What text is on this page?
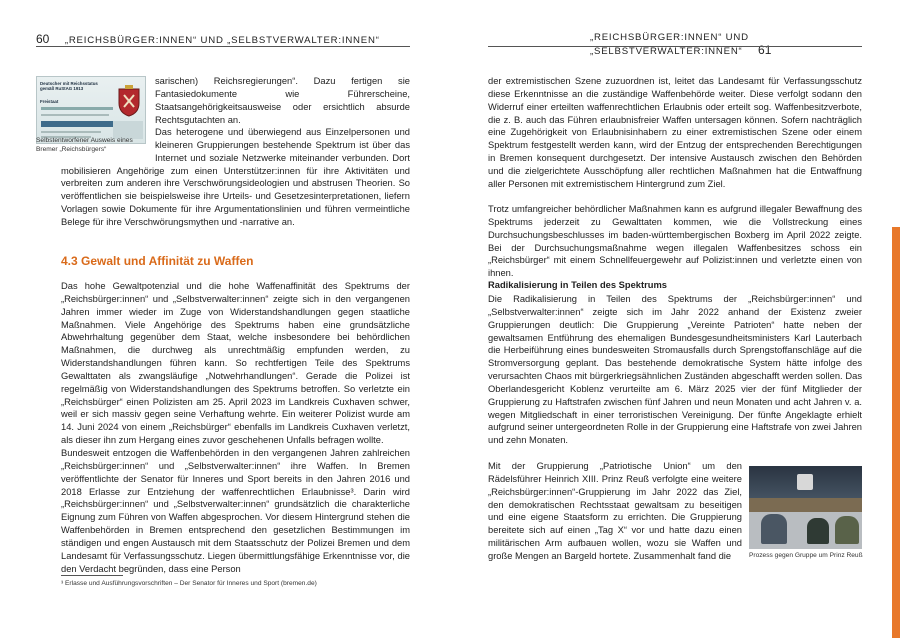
60 „REICHSBÜRGER:INNEN“ UND „SELBSTVERWALTER:INNEN“
Deutscher mit Reichsstatus
gemäß RuStAG 1913
Freistaat
Selbstentworfener Ausweis eines Bremer „Reichsbürgers“

sarischen) Reichsregierungen“. Dazu fertigen sie Fantasiedokumente wie Führerscheine, Staatsangehörigkeitsausweise oder ersichtlich absurde Rechtsgutachten an.

Das heterogene und überwiegend aus Einzelpersonen und kleineren Gruppierungen bestehende Spektrum ist über das Internet und soziale Netzwerke miteinander verbunden. Dort mobilisieren Angehörige zum einen Unterstützer:innen für ihre Aktivitäten und verbreiten zum anderen ihre Verschwörungsideologien und abstrusen Theorien. So veröffentlichen sie beispielsweise ihre Urteils- und Gesetzesinterpretationen, liefern Vorlagen sowie Dokumente für ihre Argumentationslinien und führen vermeintliche Belege für ihre Verschwörungsmythen und -narrative an.
4.3 Gewalt und Affinität zu Waffen

Das hohe Gewaltpotenzial und die hohe Waffenaffinität des Spektrums der „Reichsbürger:innen“ und „Selbstverwalter:innen“ zeigte sich in den vergangenen Jahren immer wieder im Zuge von Widerstandshandlungen gegen staatliche Maßnahmen. Viele Angehörige des Spektrums haben eine grundsätzliche Abwehrhaltung gegenüber dem Staat, welche insbesondere bei behördlichen Maßnahmen, die durchweg als unrechtmäßig empfunden werden, zu Widerstandshandlungen führen kann. So rechtfertigen Teile des Spektrums Gewalttaten als zwangsläufige „Notwehrhandlungen“. Gerade die Polizei ist regelmäßig von Widerstandshandlungen des Spektrums betroffen. So verletzte ein „Reichsbürger“ einen Polizisten am 25. April 2023 im Landkreis Cuxhaven schwer, weil er sich massiv gegen seine Verhaftung wehrte. Ein weiterer Polizist wurde am 14. Juni 2024 von einem „Reichsbürger“ ebenfalls im Landkreis Cuxhaven verletzt, als dieser ihn zum Hergang eines zuvor geschehenen Unfalls befragen wollte.

Bundesweit entzogen die Waffenbehörden in den vergangenen Jahren zahlreichen „Reichsbürger:innen“ und „Selbstverwalter:innen“ ihre Waffen. In Bremen veröffentlichte der Senator für Inneres und Sport bereits in den Jahren 2016 und 2018 Erlasse zur Entziehung der waffenrechtlichen Erlaubnisse³. Darin wird „Reichsbürger:innen“ und „Selbstverwalter:innen“ grundsätzlich die charakterliche Eignung zum Führen von Waffen abgesprochen. Vor diesem Hintergrund stehen die Waffenbehörden in Bremen entsprechend den gesetzlichen Bestimmungen im ständigen und engen Austausch mit dem Staatsschutz der Polizei Bremen und dem Landesamt für Verfassungsschutz. Liegen übermittlungsfähige Erkenntnisse vor, die den Verdacht begründen, dass eine Person

³ Erlasse und Ausführungsvorschriften – Der Senator für Inneres und Sport (bremen.de)
„REICHSBÜRGER:INNEN“ UND „SELBSTVERWALTER:INNEN“ 61

der extremistischen Szene zuzuordnen ist, leitet das Landesamt für Verfassungsschutz diese Erkenntnisse an die zuständige Waffenbehörde weiter. Diese verfolgt sodann den Widerruf einer erteilten waffenrechtlichen Erlaubnis oder erteilt sog. Waffenbesitzverbote, die z. B. auch das Führen erlaubnisfreier Waffen untersagen können. Sofern nachträglich eine Zugehörigkeit von Erlaubnisinhabern zu einer extremistischen Szene oder einem Spektrum festgestellt werden kann, wird der Entzug der entsprechenden Berechtigungen in Bremen konsequent durchgesetzt. Der intensive Austausch zwischen den Behörden und die zielgerichtete Ausschöpfung aller rechtlichen Maßnahmen hat die Entwaffnung aller Personen mit extremistischem Hintergrund zum Ziel.

Trotz umfangreicher behördlicher Maßnahmen kann es aufgrund illegaler Bewaffnung des Spektrums jederzeit zu Gewalttaten kommen, wie die Vollstreckung eines Durchsuchungsbeschlusses im baden-württembergischen Boxberg im April 2022 zeigte. Bei der Durchsuchungsmaßnahme wegen illegalen Waffenbesitzes schoss ein „Reichsbürger“ mit einem Schnellfeuergewehr auf Polizist:innen und verletzte einen von ihnen.

Radikalisierung in Teilen des Spektrums

Die Radikalisierung in Teilen des Spektrums der „Reichsbürger:innen“ und „Selbstverwalter:innen“ zeigte sich im Jahr 2022 anhand der Existenz zweier Gruppierungen deutlich: Die Gruppierung „Vereinte Patrioten“ hatte neben der gewaltsamen Entführung des ehemaligen Bundesgesundheitsministers Karl Lauterbach die Herbeiführung eines bundesweiten Stromausfalls durch Sprengstoffanschläge auf die Stromversorgung geplant. Das bestehende demokratische System hätte infolge des verursachten Chaos mit bürgerkriegsähnlichen Zuständen abgeschafft werden sollen. Das Oberlandesgericht Koblenz verurteilte am 6. März 2025 vier der fünf Mitglieder der Gruppierung zu Haftstrafen zwischen fünf Jahren und neun Monaten und acht Jahren v. a. wegen Mitgliedschaft in einer terroristischen Vereinigung. Der fünfte Angeklagte erhielt aufgrund seiner untergeordneten Rolle in der Gruppierung eine Haftstrafe von zwei Jahren und zehn Monaten.

Mit der Gruppierung „Patriotische Union“ um den Rädelsführer Heinrich XIII. Prinz Reuß verfolgte eine weitere „Reichsbürger:innen“-Gruppierung im Jahr 2022 das Ziel, den demokratischen Rechtsstaat gewaltsam zu beseitigen und eine eigene Staatsform zu errichten. Die Gruppierung bereitete sich auf einen „Tag X“ vor und hatte dazu einen militärischen Arm aufbauen wollen, wozu sie Waffen und große Mengen an Bargeld hortete. Zusammenhalt fand die	Prozess gegen Gruppe um Prinz Reuß
